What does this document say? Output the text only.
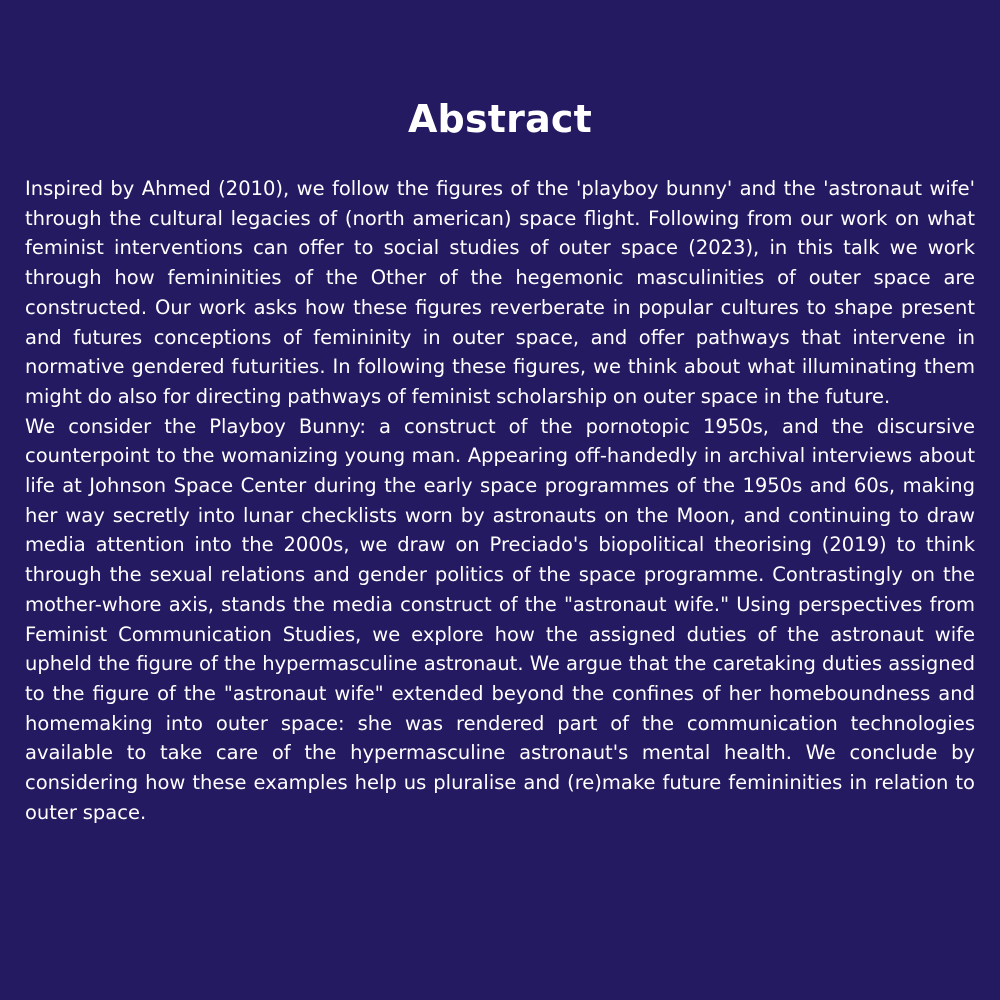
Abstract

Inspired by Ahmed (2010), we follow the figures of the 'playboy bunny' and the 'astronaut wife' through the cultural legacies of (north american) space flight. Following from our work on what feminist interventions can offer to social studies of outer space (2023), in this talk we work through how femininities of the Other of the hegemonic masculinities of outer space are constructed. Our work asks how these figures reverberate in popular cultures to shape present and futures conceptions of femininity in outer space, and offer pathways that intervene in normative gendered futurities. In following these figures, we think about what illuminating them might do also for directing pathways of feminist scholarship on outer space in the future.

We consider the Playboy Bunny: a construct of the pornotopic 1950s, and the discursive counterpoint to the womanizing young man. Appearing off-handedly in archival interviews about life at Johnson Space Center during the early space programmes of the 1950s and 60s, making her way secretly into lunar checklists worn by astronauts on the Moon, and continuing to draw media attention into the 2000s, we draw on Preciado's biopolitical theorising (2019) to think through the sexual relations and gender politics of the space programme. Contrastingly on the mother-whore axis, stands the media construct of the "astronaut wife." Using perspectives from Feminist Communication Studies, we explore how the assigned duties of the astronaut wife upheld the figure of the hypermasculine astronaut. We argue that the caretaking duties assigned to the figure of the "astronaut wife" extended beyond the confines of her homeboundness and homemaking into outer space: she was rendered part of the communication technologies available to take care of the hypermasculine astronaut's mental health. We conclude by considering how these examples help us pluralise and (re)make future femininities in relation to outer space.
